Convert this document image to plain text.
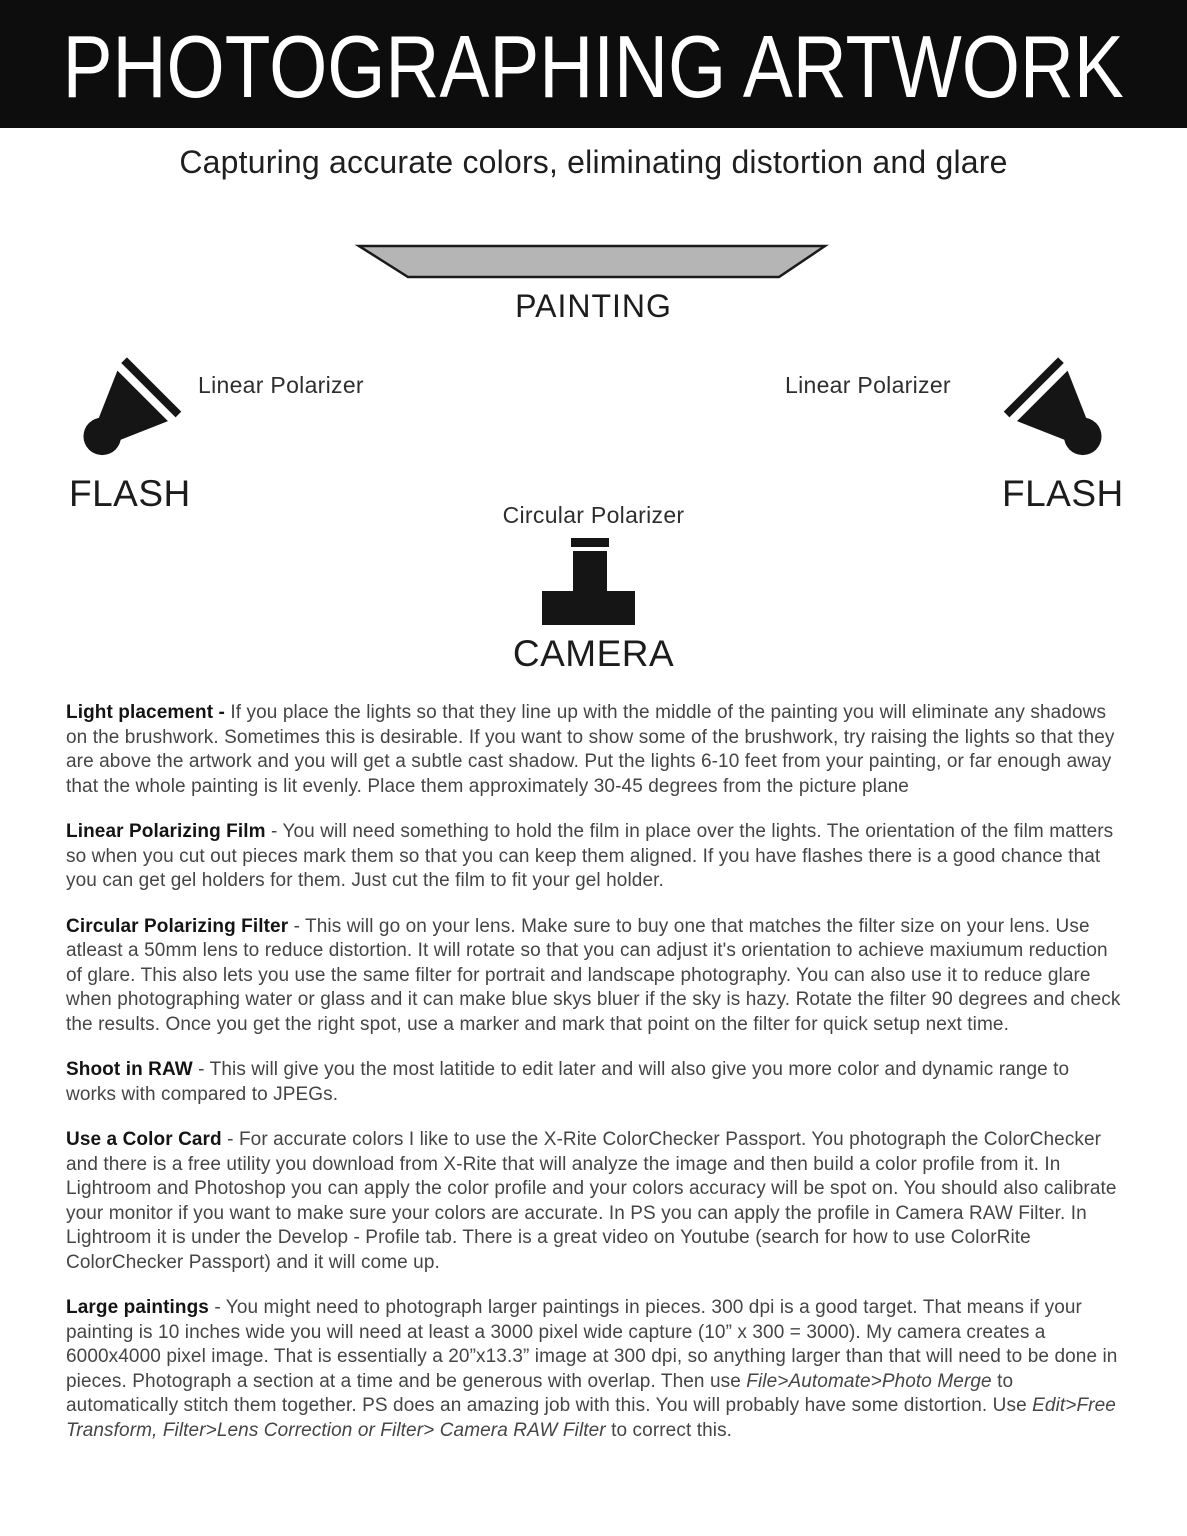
PHOTOGRAPHING ARTWORK
Capturing accurate colors, eliminating distortion and glare
PAINTING
Linear Polarizer
FLASH
Linear Polarizer
FLASH
Circular Polarizer
CAMERA

Light placement - If you place the lights so that they line up with the middle of the painting you will eliminate any shadows on the brushwork. Sometimes this is desirable. If you want to show some of the brushwork, try raising the lights so that they are above the artwork and you will get a subtle cast shadow. Put the lights 6-10 feet from your painting, or far enough away that the whole painting is lit evenly. Place them approximately 30-45 degrees from the picture plane

Linear Polarizing Film - You will need something to hold the film in place over the lights. The orientation of the film matters so when you cut out pieces mark them so that you can keep them aligned. If you have flashes there is a good chance that you can get gel holders for them. Just cut the film to fit your gel holder.

Circular Polarizing Filter - This will go on your lens. Make sure to buy one that matches the filter size on your lens. Use atleast a 50mm lens to reduce distortion. It will rotate so that you can adjust it's orientation to achieve maxiumum reduction of glare. This also lets you use the same filter for portrait and landscape photography. You can also use it to reduce glare when photographing water or glass and it can make blue skys bluer if the sky is hazy. Rotate the filter 90 degrees and check the results. Once you get the right spot, use a marker and mark that point on the filter for quick setup next time.

Shoot in RAW - This will give you the most latitide to edit later and will also give you more color and dynamic range to works with compared to JPEGs.

Use a Color Card - For accurate colors I like to use the X-Rite ColorChecker Passport. You photograph the ColorChecker and there is a free utility you download from X-Rite that will analyze the image and then build a color profile from it. In Lightroom and Photoshop you can apply the color profile and your colors accuracy will be spot on. You should also calibrate your monitor if you want to make sure your colors are accurate. In PS you can apply the profile in Camera RAW Filter. In Lightroom it is under the Develop - Profile tab. There is a great video on Youtube (search for how to use ColorRite ColorChecker Passport) and it will come up.

Large paintings - You might need to photograph larger paintings in pieces. 300 dpi is a good target. That means if your painting is 10 inches wide you will need at least a 3000 pixel wide capture (10” x 300 = 3000). My camera creates a 6000x4000 pixel image. That is essentially a 20”x13.3” image at 300 dpi, so anything larger than that will need to be done in pieces. Photograph a section at a time and be generous with overlap. Then use File>Automate>Photo Merge to automatically stitch them together. PS does an amazing job with this. You will probably have some distortion. Use Edit>Free Transform, Filter>Lens Correction or Filter> Camera RAW Filter to correct this.
